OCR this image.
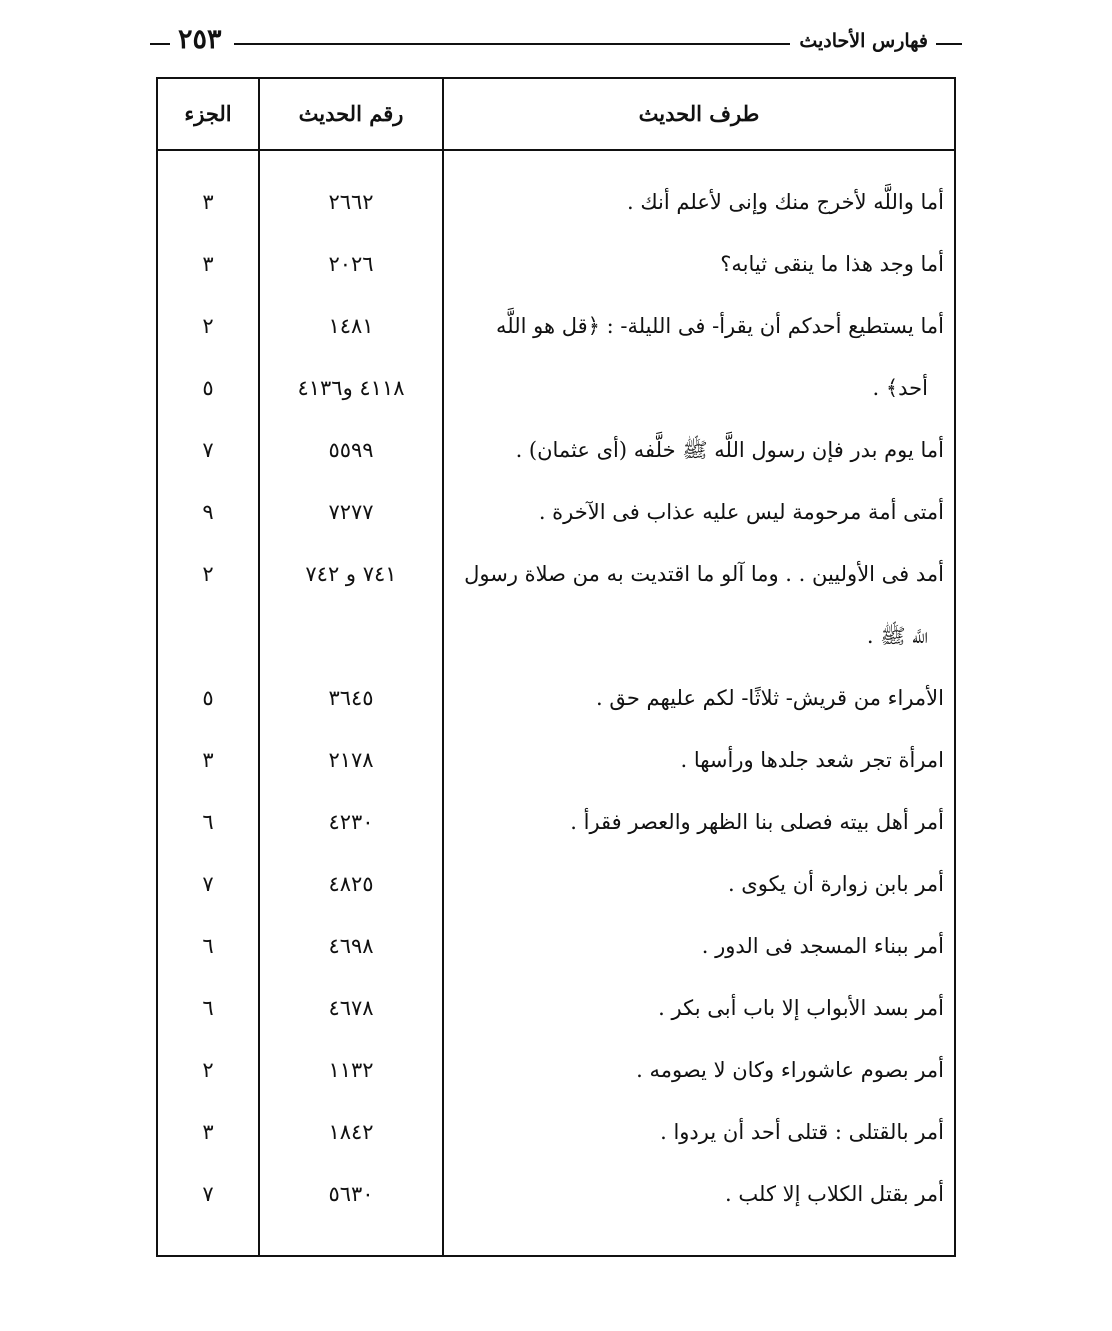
فهارس الأحاديث
٢٥٣
طرف الحديث
رقم الحديث
الجزء
أما واللَّه لأخرج منك وإنى لأعلم أنك .
٢٦٦٢
٣
أما وجد هذا ما ينقى ثيابه؟
٢٠٢٦
٣
أما يستطيع أحدكم أن يقرأ- فى الليلة- : ﴿قل هو اللَّه
١٤٨١
٢
أحد﴾ .
٤١١٨ و٤١٣٦
٥
أما يوم بدر فإن رسول اللَّه ﷺ خلَّفه (أى عثمان) .
٥٥٩٩
٧
أمتى أمة مرحومة ليس عليه عذاب فى الآخرة .
٧٢٧٧
٩
أمد فى الأوليين . . وما آلو ما اقتديت به من صلاة رسول
٧٤١ و ٧٤٢
٢
اللَّه ﷺ .
الأمراء من قريش- ثلاثًا- لكم عليهم حق .
٣٦٤٥
٥
امرأة تجر شعد جلدها ورأسها .
٢١٧٨
٣
أمر أهل بيته فصلى بنا الظهر والعصر فقرأ .
٤٢٣٠
٦
أمر بابن زوارة أن يكوى .
٤٨٢٥
٧
أمر ببناء المسجد فى الدور .
٤٦٩٨
٦
أمر بسد الأبواب إلا باب أبى بكر .
٤٦٧٨
٦
أمر بصوم عاشوراء وكان لا يصومه .
١١٣٢
٢
أمر بالقتلى : قتلى أحد أن يردوا .
١٨٤٢
٣
أمر بقتل الكلاب إلا كلب .
٥٦٣٠
٧
